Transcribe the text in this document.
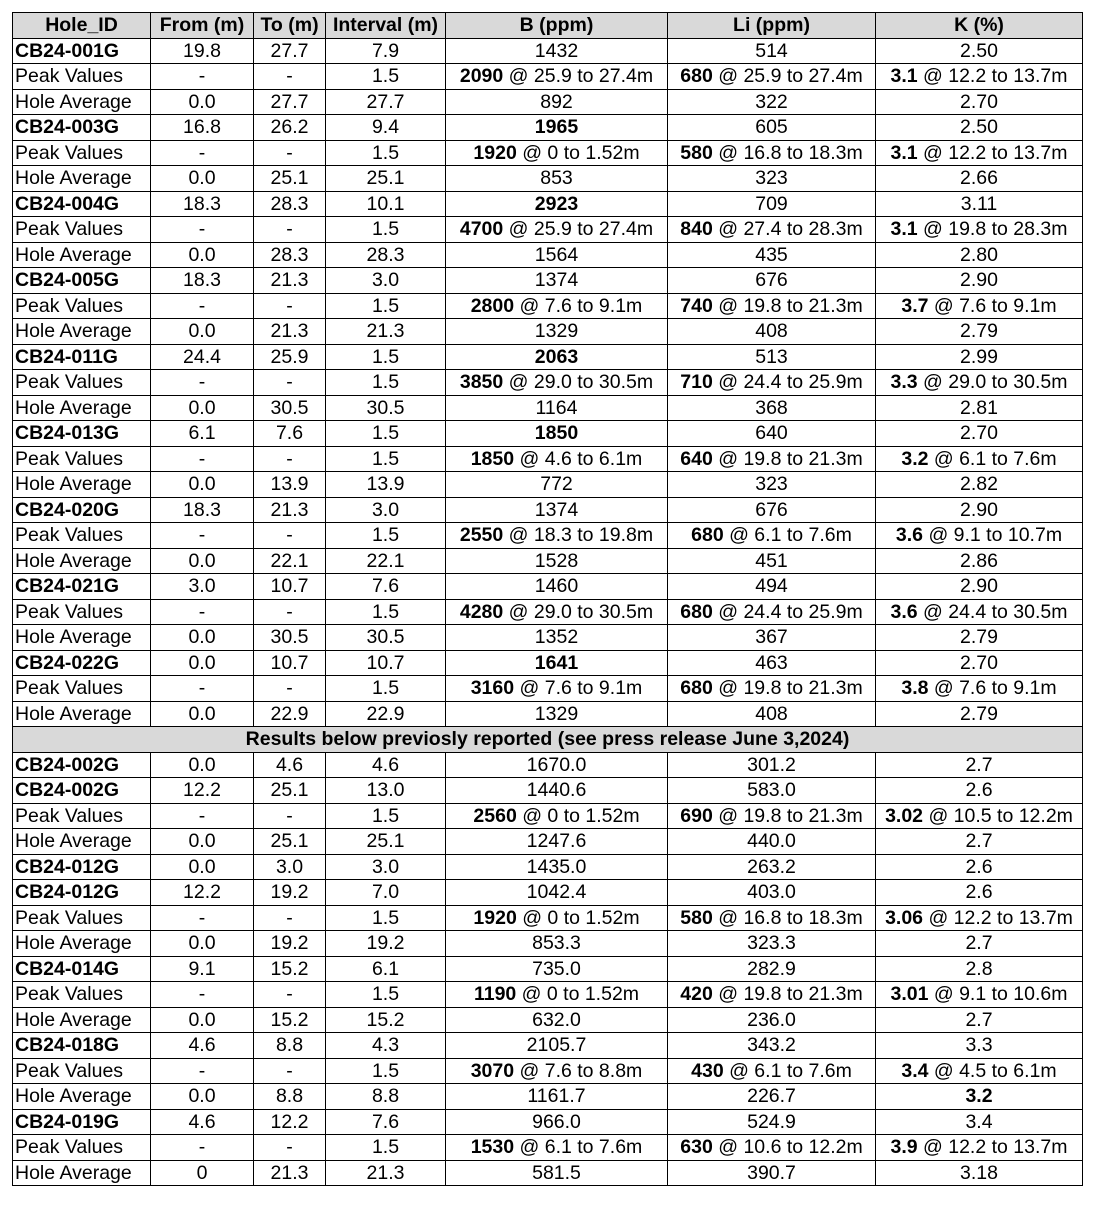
Hole_ID	From (m)	To (m)	Interval (m)	B (ppm)	Li (ppm)	K (%)
CB24-001G	19.8	27.7	7.9	1432	514	2.50
Peak Values	-	-	1.5	2090 @ 25.9 to 27.4m	680 @ 25.9 to 27.4m	3.1 @ 12.2 to 13.7m
Hole Average	0.0	27.7	27.7	892	322	2.70
CB24-003G	16.8	26.2	9.4	1965	605	2.50
Peak Values	-	-	1.5	1920 @ 0 to 1.52m	580 @ 16.8 to 18.3m	3.1 @ 12.2 to 13.7m
Hole Average	0.0	25.1	25.1	853	323	2.66
CB24-004G	18.3	28.3	10.1	2923	709	3.11
Peak Values	-	-	1.5	4700 @ 25.9 to 27.4m	840 @ 27.4 to 28.3m	3.1 @ 19.8 to 28.3m
Hole Average	0.0	28.3	28.3	1564	435	2.80
CB24-005G	18.3	21.3	3.0	1374	676	2.90
Peak Values	-	-	1.5	2800 @ 7.6 to 9.1m	740 @ 19.8 to 21.3m	3.7 @ 7.6 to 9.1m
Hole Average	0.0	21.3	21.3	1329	408	2.79
CB24-011G	24.4	25.9	1.5	2063	513	2.99
Peak Values	-	-	1.5	3850 @ 29.0 to 30.5m	710 @ 24.4 to 25.9m	3.3 @ 29.0 to 30.5m
Hole Average	0.0	30.5	30.5	1164	368	2.81
CB24-013G	6.1	7.6	1.5	1850	640	2.70
Peak Values	-	-	1.5	1850 @ 4.6 to 6.1m	640 @ 19.8 to 21.3m	3.2 @ 6.1 to 7.6m
Hole Average	0.0	13.9	13.9	772	323	2.82
CB24-020G	18.3	21.3	3.0	1374	676	2.90
Peak Values	-	-	1.5	2550 @ 18.3 to 19.8m	680 @ 6.1 to 7.6m	3.6 @ 9.1 to 10.7m
Hole Average	0.0	22.1	22.1	1528	451	2.86
CB24-021G	3.0	10.7	7.6	1460	494	2.90
Peak Values	-	-	1.5	4280 @ 29.0 to 30.5m	680 @ 24.4 to 25.9m	3.6 @ 24.4 to 30.5m
Hole Average	0.0	30.5	30.5	1352	367	2.79
CB24-022G	0.0	10.7	10.7	1641	463	2.70
Peak Values	-	-	1.5	3160 @ 7.6 to 9.1m	680 @ 19.8 to 21.3m	3.8 @ 7.6 to 9.1m
Hole Average	0.0	22.9	22.9	1329	408	2.79
Results below previosly reported (see press release June 3,2024)						
CB24-002G	0.0	4.6	4.6	1670.0	301.2	2.7
CB24-002G	12.2	25.1	13.0	1440.6	583.0	2.6
Peak Values	-	-	1.5	2560 @ 0 to 1.52m	690 @ 19.8 to 21.3m	3.02 @ 10.5 to 12.2m
Hole Average	0.0	25.1	25.1	1247.6	440.0	2.7
CB24-012G	0.0	3.0	3.0	1435.0	263.2	2.6
CB24-012G	12.2	19.2	7.0	1042.4	403.0	2.6
Peak Values	-	-	1.5	1920 @ 0 to 1.52m	580 @ 16.8 to 18.3m	3.06 @ 12.2 to 13.7m
Hole Average	0.0	19.2	19.2	853.3	323.3	2.7
CB24-014G	9.1	15.2	6.1	735.0	282.9	2.8
Peak Values	-	-	1.5	1190 @ 0 to 1.52m	420 @ 19.8 to 21.3m	3.01 @ 9.1 to 10.6m
Hole Average	0.0	15.2	15.2	632.0	236.0	2.7
CB24-018G	4.6	8.8	4.3	2105.7	343.2	3.3
Peak Values	-	-	1.5	3070 @ 7.6 to 8.8m	430 @ 6.1 to 7.6m	3.4 @ 4.5 to 6.1m
Hole Average	0.0	8.8	8.8	1161.7	226.7	3.2
CB24-019G	4.6	12.2	7.6	966.0	524.9	3.4
Peak Values	-	-	1.5	1530 @ 6.1 to 7.6m	630 @ 10.6 to 12.2m	3.9 @ 12.2 to 13.7m
Hole Average	0	21.3	21.3	581.5	390.7	3.18
